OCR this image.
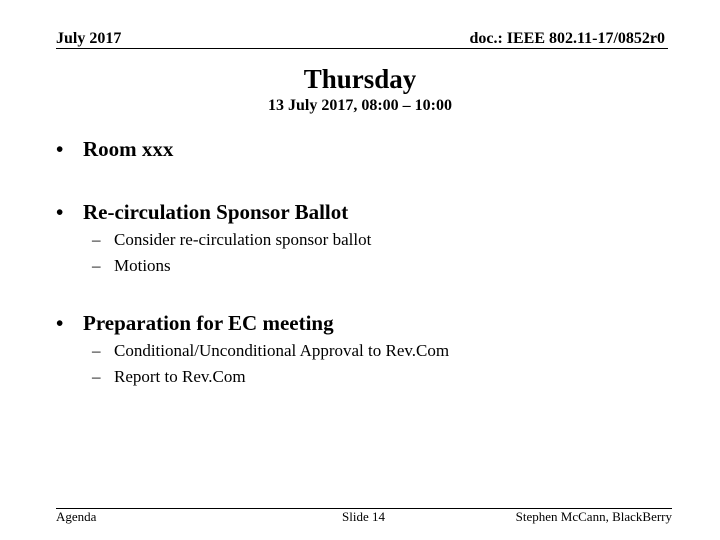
July 2017	doc.: IEEE 802.11-17/0852r0
Thursday
13 July 2017, 08:00 – 10:00
• Room xxx
• Re-circulation Sponsor Ballot
– Consider re-circulation sponsor ballot
– Motions
• Preparation for EC meeting
– Conditional/Unconditional Approval to Rev.Com
– Report to Rev.Com
Agenda	Slide 14	Stephen McCann, BlackBerry
